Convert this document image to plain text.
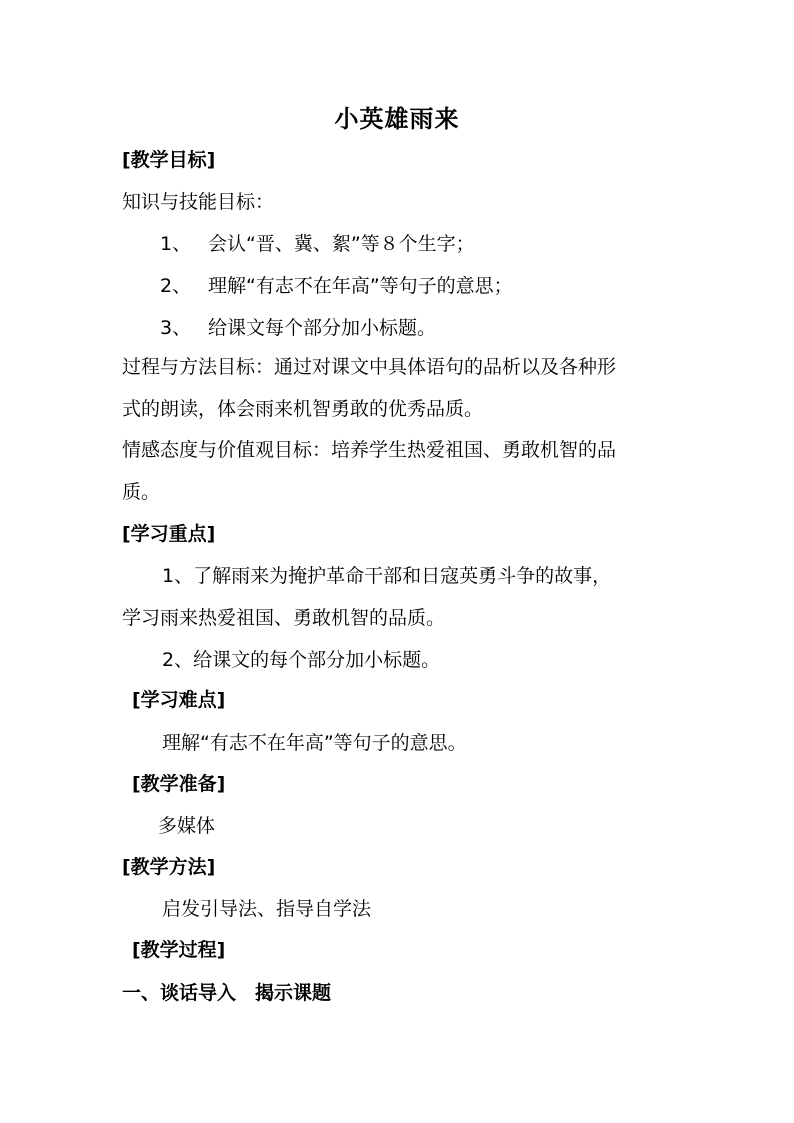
小英雄雨来
[教学目标]
知识与技能目标：
1、 会认“晋、冀、絮”等８个生字；
2、 理解“有志不在年高”等句子的意思；
3、 给课文每个部分加小标题。
过程与方法目标：通过对课文中具体语句的品析以及各种形
式的朗读，体会雨来机智勇敢的优秀品质。
情感态度与价值观目标：培养学生热爱祖国、勇敢机智的品
质。
[学习重点]
1、了解雨来为掩护革命干部和日寇英勇斗争的故事，
学习雨来热爱祖国、勇敢机智的品质。
2、给课文的每个部分加小标题。
[学习难点]
理解“有志不在年高”等句子的意思。
[教学准备]
多媒体
[教学方法]
启发引导法、指导自学法
[教学过程]
一、谈话导入　揭示课题
